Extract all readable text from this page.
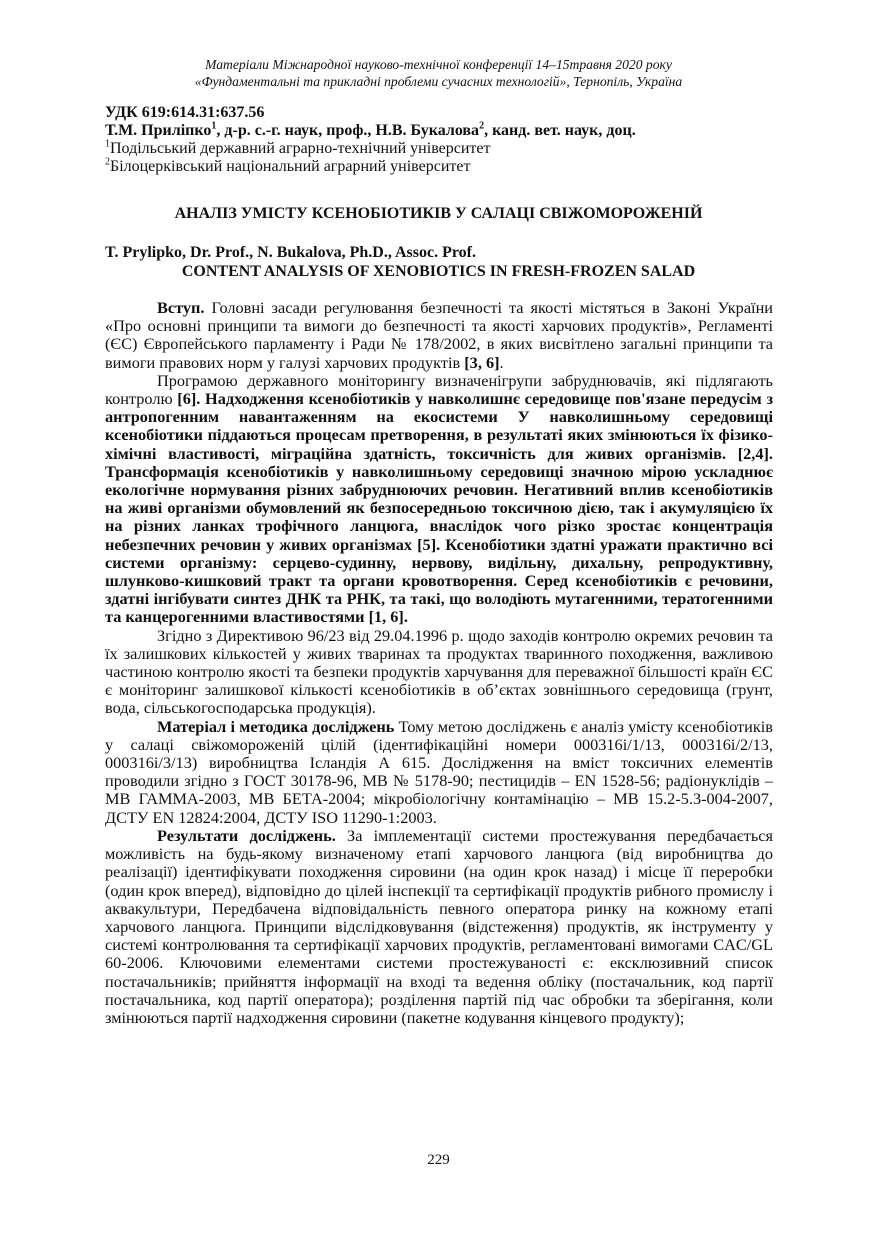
Матеріали Міжнародної науково-технічної конференції 14–15травня 2020 року
«Фундаментальні та прикладні проблеми сучасних технологій», Тернопіль, Україна
УДК 619:614.31:637.56
Т.М. Приліпко$^1$, д-р. с.-г. наук, проф., Н.В. Букалова$^2$, канд. вет. наук, доц.
$^1$Подільський державний аграрно-технічний університет
$^2$Білоцерківський національний аграрний університет
АНАЛІЗ УМІСТУ КСЕНОБІОТИКІВ У САЛАЦІ СВІЖОМОРОЖЕНІЙ
T. Prylipko, Dr. Prof., N. Bukalova, Ph.D., Assoc. Prof.
CONTENT ANALYSIS OF XENOBIOTICS IN FRESH-FROZEN SALAD

Вступ. Головні засади регулювання безпечності та якості містяться в Законі України «Про основні принципи та вимоги до безпечності та якості харчових продуктів», Регламенті (ЄС) Європейського парламенту і Ради № 178/2002, в яких висвітлено загальні принципи та вимоги правових норм у галузі харчових продуктів [3, 6].

Програмою державного моніторингу визначенігрупи забруднювачів, які підлягають контролю [6]. Надходження ксенобіотиків у навколишнє середовище пов'язане передусім з антропогенним навантаженням на екосистеми У навколишньому середовищі ксенобіотики піддаються процесам претворення, в результаті яких змінюються їх фізико-хімічні властивості, міграційна здатність, токсичність для живих організмів. [2,4]. Трансформація ксенобіотиків у навколишньому середовищі значною мірою ускладнює екологічне нормування різних забруднюючих речовин. Негативний вплив ксенобіотиків на живі організми обумовлений як безпосередньою токсичною дією, так і акумуляцією їх на різних ланках трофічного ланцюга, внаслідок чого різко зростає концентрація небезпечних речовин у живих організмах [5]. Ксенобіотики здатні уражати практично всі системи організму: серцево-судинну, нервову, видільну, дихальну, репродуктивну, шлунково-кишковий тракт та органи кровотворення. Серед ксенобіотиків є речовини, здатні інгібувати синтез ДНК та РНК, та такі, що володіють мутагенними, тератогенними та канцерогенними властивостями [1, 6].

Згідно з Директивою 96/23 від 29.04.1996 р. щодо заходів контролю окремих речовин та їх залишкових кількостей у живих тваринах та продуктах тваринного походження, важливою частиною контролю якості та безпеки продуктів харчування для переважної більшості країн ЄС є моніторинг залишкової кількості ксенобіотиків в об’єктах зовнішнього середовища (грунт, вода, сільськогосподарська продукція).

Матеріал і методика досліджень Тому метою досліджень є аналіз умісту ксенобіотиків у салаці свіжомороженій цілій (ідентифікаційні номери 000316і/1/13, 000316і/2/13, 000316і/3/13) виробництва Ісландія А 615. Дослідження на вміст токсичних елементів проводили згідно з ГОСТ 30178-96, МВ № 5178-90; пестицидів – EN 1528-56; радіонуклідів – МВ ГАММА-2003, МВ БЕТА-2004; мікробіологічну контамінацію – МВ 15.2-5.3-004-2007, ДСТУ EN 12824:2004, ДСТУ ISO 11290-1:2003.

Результати досліджень. За імплементації системи простежування передбачається можливість на будь-якому визначеному етапі харчового ланцюга (від виробництва до реалізації) ідентифікувати походження сировини (на один крок назад) і місце її переробки (один крок вперед), відповідно до цілей інспекції та сертифікації продуктів рибного промислу і аквакультури, Передбачена відповідальність певного оператора ринку на кожному етапі харчового ланцюга. Принципи відслідковування (відстеження) продуктів, як інструменту у системі контролювання та сертифікації харчових продуктів, регламентовані вимогами CAC/GL 60-2006. Ключовими елементами системи простежуваності є: ексклюзивний список постачальників; прийняття інформації на вході та ведення обліку (постачальник, код партії постачальника, код партії оператора); розділення партій під час обробки та зберігання, коли змінюються партії надходження сировини (пакетне кодування кінцевого продукту);

229
